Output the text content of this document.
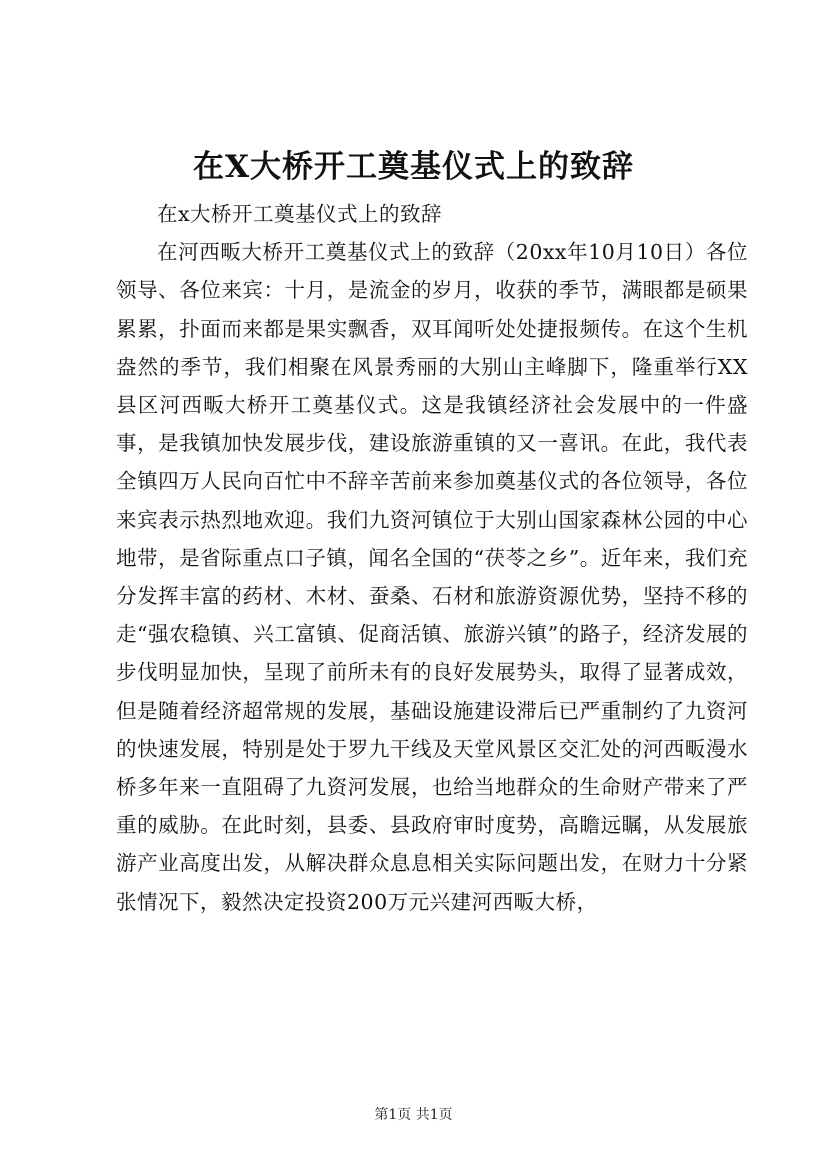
在X大桥开工奠基仪式上的致辞

在x大桥开工奠基仪式上的致辞

在河西畈大桥开工奠基仪式上的致辞（20xx年10月10日）各位领导、各位来宾：十月，是流金的岁月，收获的季节，满眼都是硕果累累，扑面而来都是果实飘香，双耳闻听处处捷报频传。在这个生机盎然的季节，我们相聚在风景秀丽的大别山主峰脚下，隆重举行XX县区河西畈大桥开工奠基仪式。这是我镇经济社会发展中的一件盛事，是我镇加快发展步伐，建设旅游重镇的又一喜讯。在此，我代表全镇四万人民向百忙中不辞辛苦前来参加奠基仪式的各位领导，各位来宾表示热烈地欢迎。我们九资河镇位于大别山国家森林公园的中心地带，是省际重点口子镇，闻名全国的“茯苓之乡”。近年来，我们充分发挥丰富的药材、木材、蚕桑、石材和旅游资源优势，坚持不移的走“强农稳镇、兴工富镇、促商活镇、旅游兴镇”的路子，经济发展的步伐明显加快，呈现了前所未有的良好发展势头，取得了显著成效，但是随着经济超常规的发展，基础设施建设滞后已严重制约了九资河的快速发展，特别是处于罗九干线及天堂风景区交汇处的河西畈漫水桥多年来一直阻碍了九资河发展，也给当地群众的生命财产带来了严重的威胁。在此时刻，县委、县政府审时度势，高瞻远瞩，从发展旅游产业高度出发，从解决群众息息相关实际问题出发，在财力十分紧张情况下，毅然决定投资200万元兴建河西畈大桥，

第1页 共1页
